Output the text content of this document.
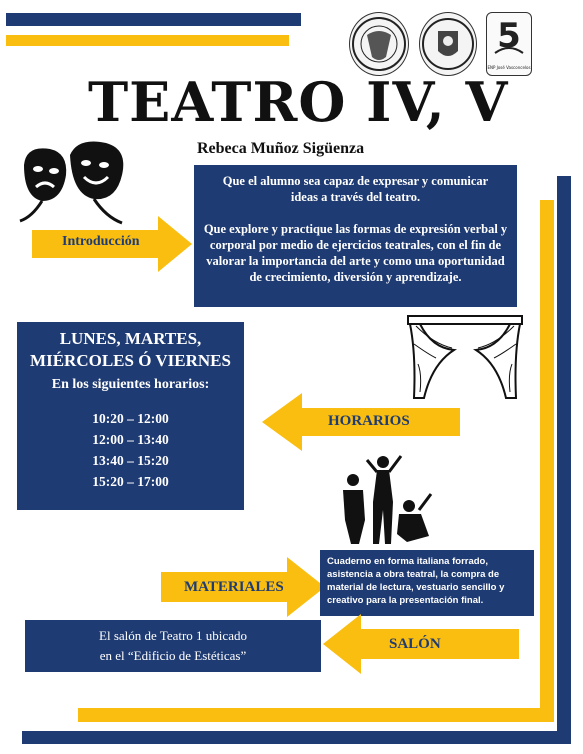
5
ENP José Vasconcelos
TEATRO IV, V
Rebeca Muñoz Sigüenza
Introducción
Que el alumno sea capaz de expresar y comunicar ideas a través del teatro.
Que explore y practique las formas de expresión verbal y corporal por medio de ejercicios teatrales, con el fin de valorar la importancia del arte y como una oportunidad de crecimiento, diversión y aprendizaje.
LUNES, MARTES,
MIÉRCOLES Ó VIERNES
En los siguientes horarios:
10:20 – 12:00
12:00 – 13:40
13:40 – 15:20
15:20 – 17:00
HORARIOS
MATERIALES
Cuaderno en forma italiana forrado, asistencia a obra teatral, la compra de material de lectura, vestuario sencillo y creativo para la presentación final.
El salón de Teatro 1 ubicado
en el “Edificio de Estéticas”
SALÓN
